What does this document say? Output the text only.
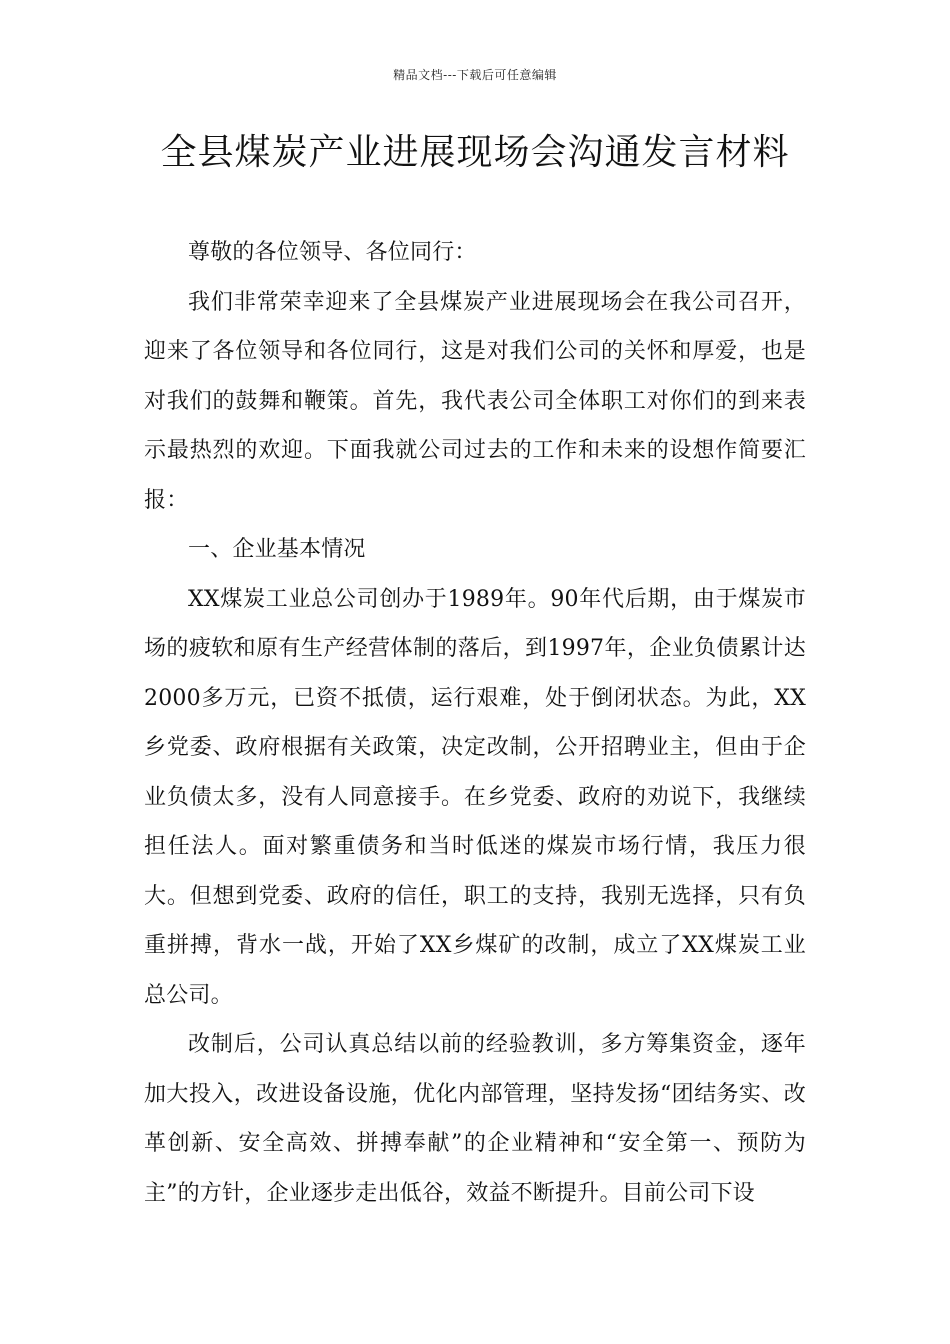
精品文档---下载后可任意编辑
全县煤炭产业进展现场会沟通发言材料

尊敬的各位领导、各位同行：

我们非常荣幸迎来了全县煤炭产业进展现场会在我公司召开，迎来了各位领导和各位同行，这是对我们公司的关怀和厚爱，也是对我们的鼓舞和鞭策。首先，我代表公司全体职工对你们的到来表示最热烈的欢迎。下面我就公司过去的工作和未来的设想作简要汇报：

一、企业基本情况

XX煤炭工业总公司创办于1989年。90年代后期，由于煤炭市场的疲软和原有生产经营体制的落后，到1997年，企业负债累计达2000多万元，已资不抵债，运行艰难，处于倒闭状态。为此，XX乡党委、政府根据有关政策，决定改制，公开招聘业主，但由于企业负债太多，没有人同意接手。在乡党委、政府的劝说下，我继续担任法人。面对繁重债务和当时低迷的煤炭市场行情，我压力很大。但想到党委、政府的信任，职工的支持，我别无选择，只有负重拼搏，背水一战，开始了XX乡煤矿的改制，成立了XX煤炭工业总公司。

改制后，公司认真总结以前的经验教训，多方筹集资金，逐年加大投入，改进设备设施，优化内部管理，坚持发扬“团结务实、改革创新、安全高效、拼搏奉献”的企业精神和“安全第一、预防为主”的方针，企业逐步走出低谷，效益不断提升。目前公司下设
